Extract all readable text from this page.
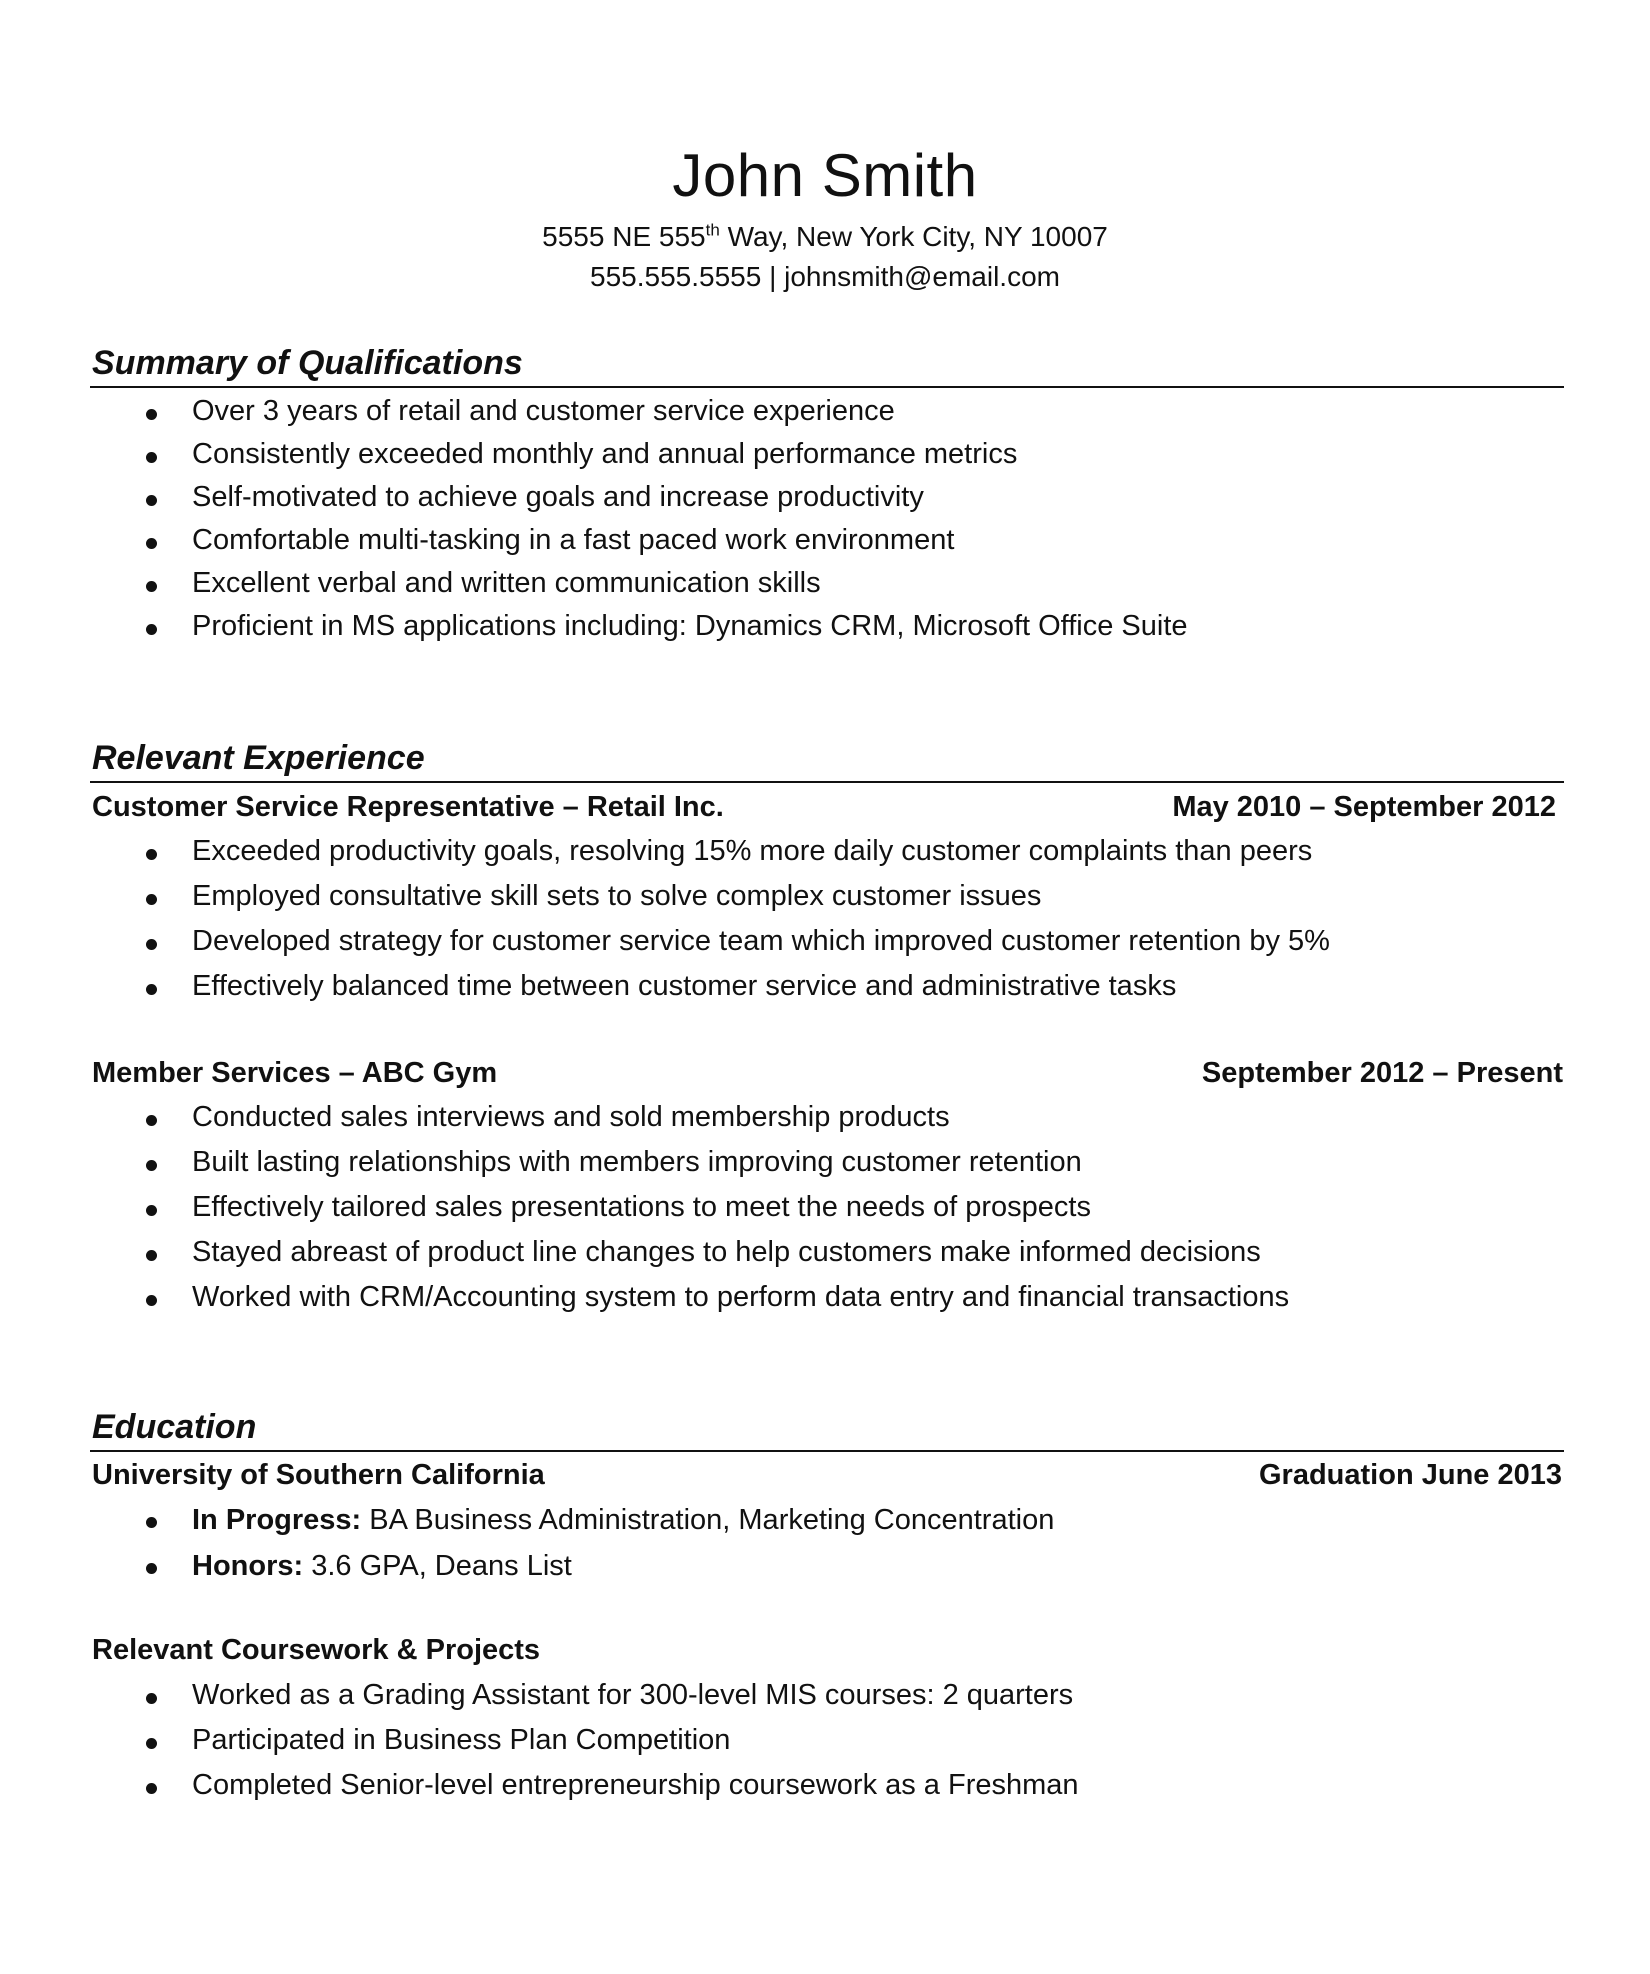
John Smith
5555 NE 555th Way, New York City, NY 10007
555.555.5555 | johnsmith@email.com
Summary of Qualifications
Over 3 years of retail and customer service experience
Consistently exceeded monthly and annual performance metrics
Self-motivated to achieve goals and increase productivity
Comfortable multi-tasking in a fast paced work environment
Excellent verbal and written communication skills
Proficient in MS applications including: Dynamics CRM, Microsoft Office Suite
Relevant Experience
Customer Service Representative – Retail Inc.	May 2010 – September 2012
Exceeded productivity goals, resolving 15% more daily customer complaints than peers
Employed consultative skill sets to solve complex customer issues
Developed strategy for customer service team which improved customer retention by 5%
Effectively balanced time between customer service and administrative tasks
Member Services – ABC Gym	September 2012 – Present
Conducted sales interviews and sold membership products
Built lasting relationships with members improving customer retention
Effectively tailored sales presentations to meet the needs of prospects
Stayed abreast of product line changes to help customers make informed decisions
Worked with CRM/Accounting system to perform data entry and financial transactions
Education
University of Southern California	Graduation June 2013
In Progress: BA Business Administration, Marketing Concentration
Honors: 3.6 GPA, Deans List
Relevant Coursework & Projects
Worked as a Grading Assistant for 300-level MIS courses: 2 quarters
Participated in Business Plan Competition
Completed Senior-level entrepreneurship coursework as a Freshman
